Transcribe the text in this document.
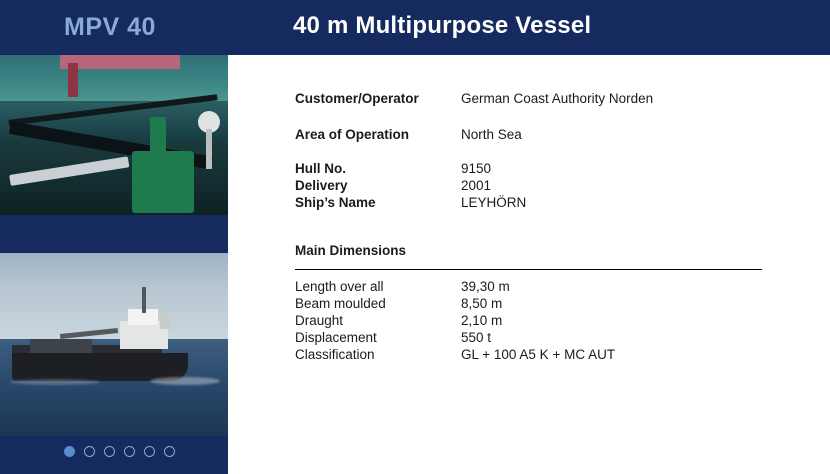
MPV 40	40 m Multipurpose Vessel
Customer/Operator	German Coast Authority Norden
Area of Operation	North Sea
Hull No.	9150
Delivery	2001
Ship’s Name	LEYHÖRN
Main Dimensions
Length over all	39,30 m
Beam moulded	8,50 m
Draught	2,10 m
Displacement	550 t
Classification	GL + 100 A5 K + MC AUT
